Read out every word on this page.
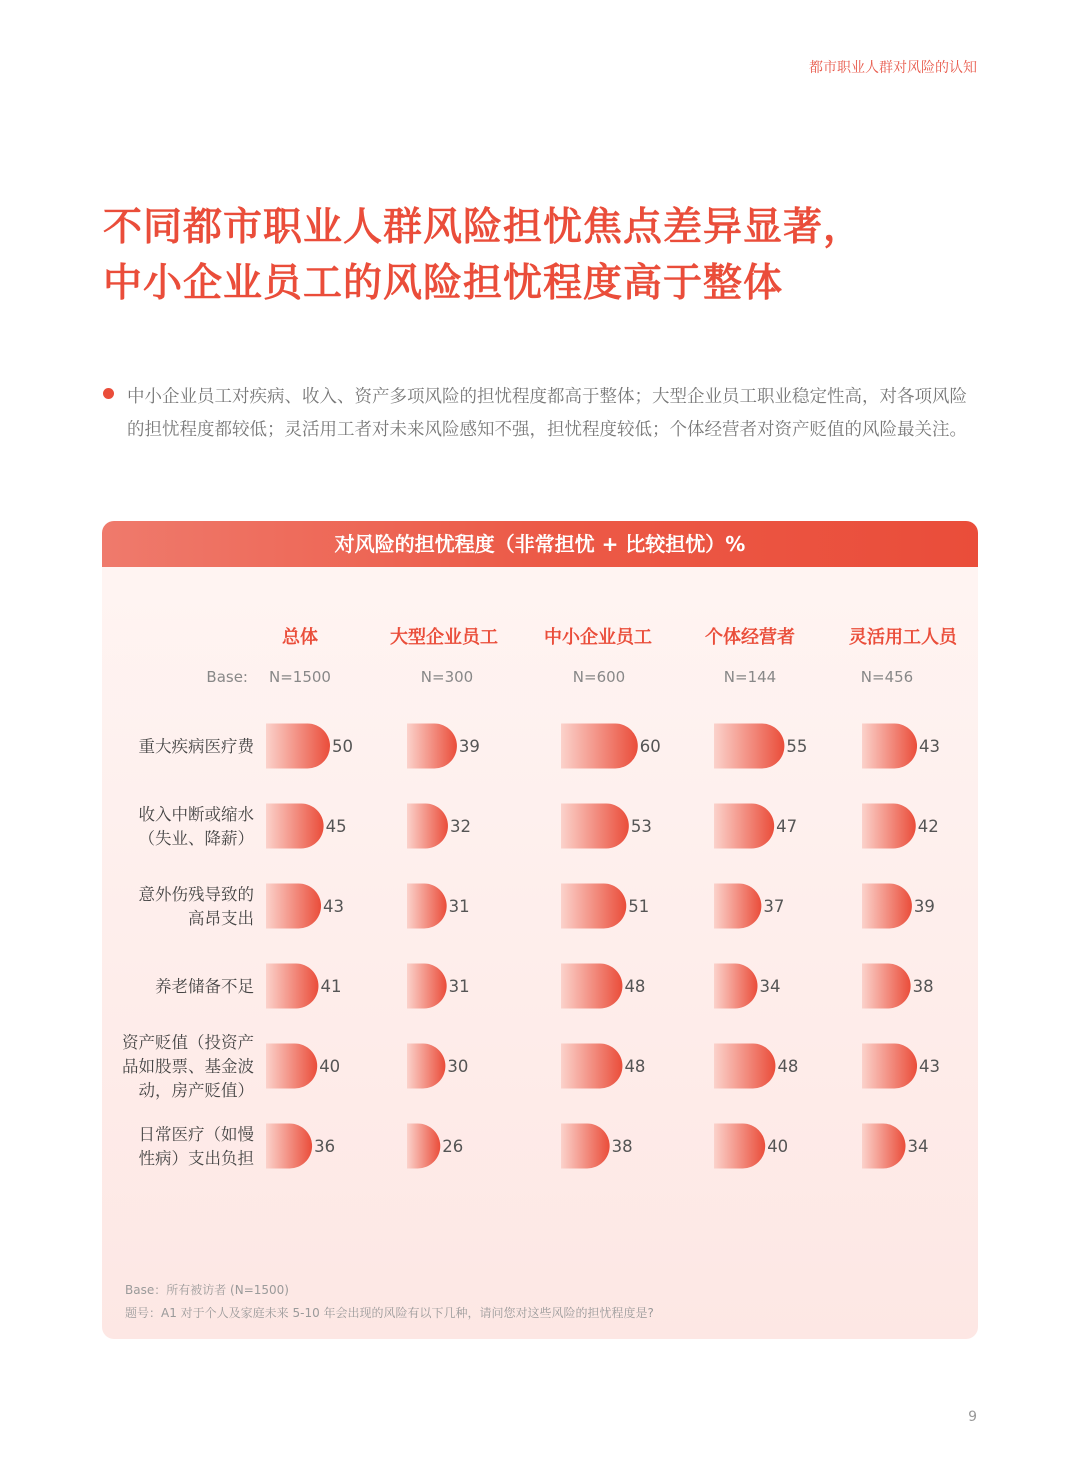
都市职业人群对风险的认知
不同都市职业人群风险担忧焦点差异显著，
中小企业员工的风险担忧程度高于整体
中小企业员工对疾病、收入、资产多项风险的担忧程度都高于整体；大型企业员工职业稳定性高，对各项风险的担忧程度都较低；灵活用工者对未来风险感知不强，担忧程度较低；个体经营者对资产贬值的风险最关注。
对风险的担忧程度（非常担忧 + 比较担忧）%
总体
N=1500
大型企业员工
N=300
中小企业员工
N=600
个体经营者
N=144
灵活用工人员
N=456
Base:
重大疾病医疗费
收入中断或缩水
（失业、降薪）
意外伤残导致的
高昂支出
养老储备不足
资产贬值（投资产
品如股票、基金波
动，房产贬值）
日常医疗（如慢
性病）支出负担
50
45
43
41
40
36
39
32
31
31
30
26
60
53
51
48
48
38
55
47
37
34
48
40
43
42
39
38
43
34
Base：所有被访者 (N=1500)
题号：A1 对于个人及家庭未来 5-10 年会出现的风险有以下几种，请问您对这些风险的担忧程度是?
9
